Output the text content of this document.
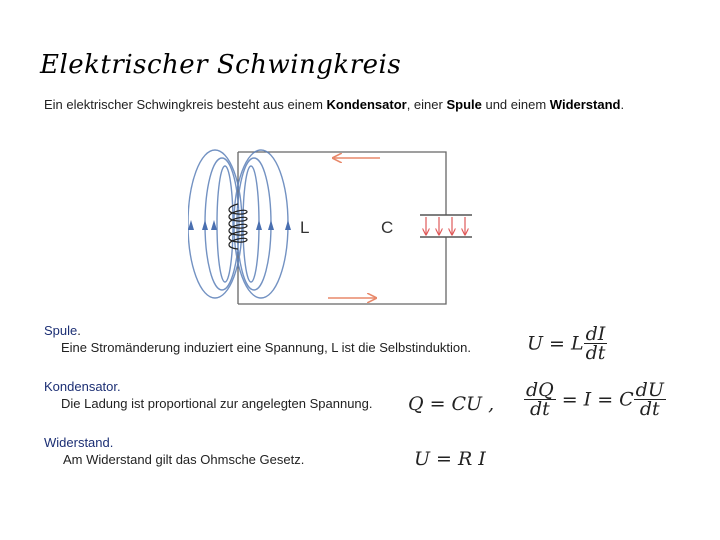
Elektrischer Schwingkreis
Ein elektrischer Schwingkreis besteht aus einem Kondensator, einer Spule und einem Widerstand.
L	C
Spule.
Eine Stromänderung induziert eine Spannung, L ist die Selbstinduktion.	U = L $\frac{dI}{dt}$
Kondensator.
Die Ladung ist proportional zur angelegten Spannung. Q = CU , $\frac{dQ}{dt} = I = C \frac{dU}{dt}$
Widerstand.
Am Widerstand gilt das Ohmsche Gesetz.	U = R I
